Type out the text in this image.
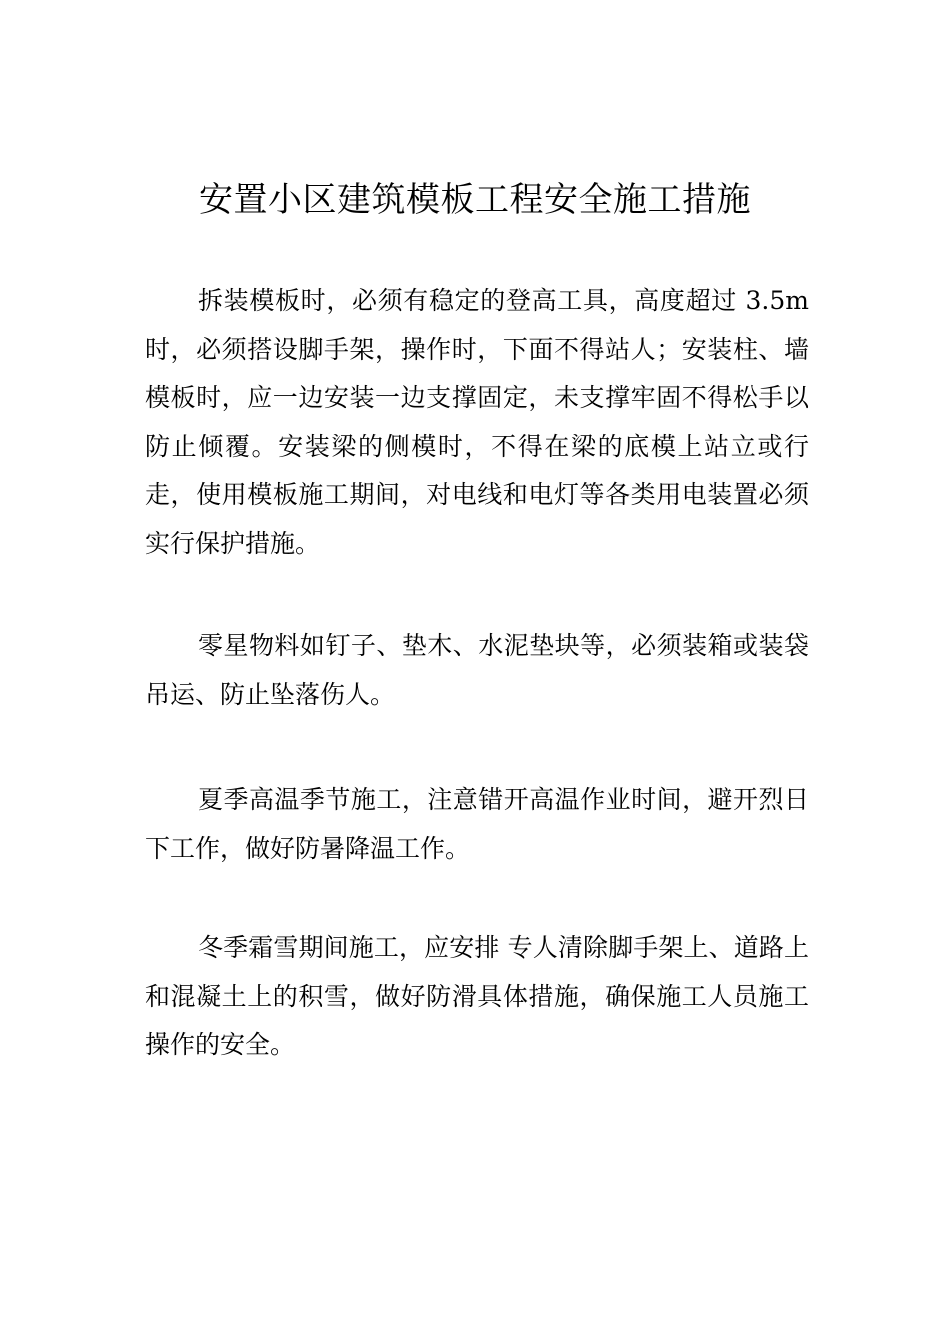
安置小区建筑模板工程安全施工措施

拆装模板时，必须有稳定的登高工具，高度超过 3.5m 时，必须搭设脚手架，操作时，下面不得站人；安装柱、墙模板时，应一边安装一边支撑固定，未支撑牢固不得松手以防止倾覆。安装梁的侧模时，不得在梁的底模上站立或行走，使用模板施工期间，对电线和电灯等各类用电装置必须实行保护措施。

零星物料如钉子、垫木、水泥垫块等，必须装箱或装袋吊运、防止坠落伤人。

夏季高温季节施工，注意错开高温作业时间，避开烈日下工作，做好防暑降温工作。

冬季霜雪期间施工，应安排 专人清除脚手架上、道路上和混凝土上的积雪，做好防滑具体措施，确保施工人员施工操作的安全。
